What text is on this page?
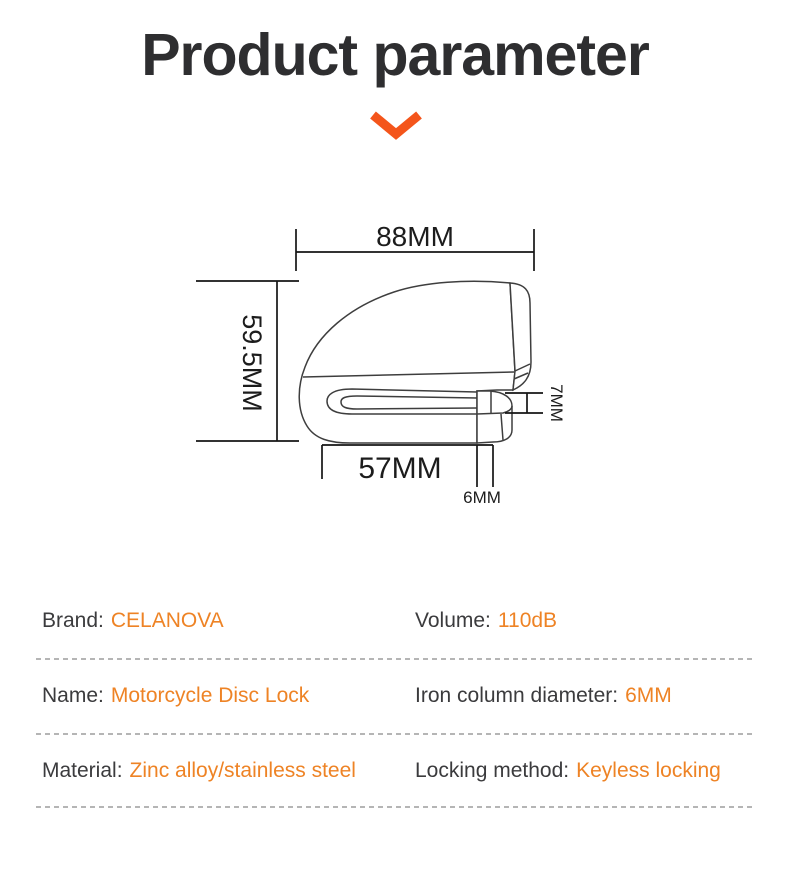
Product parameter
88MM
59.5MM
57MM
6MM
7MM
Brand: CELANOVA	Volume: 110dB
Name: Motorcycle Disc Lock	Iron column diameter: 6MM
Material: Zinc alloy/stainless steel	Locking method: Keyless locking
